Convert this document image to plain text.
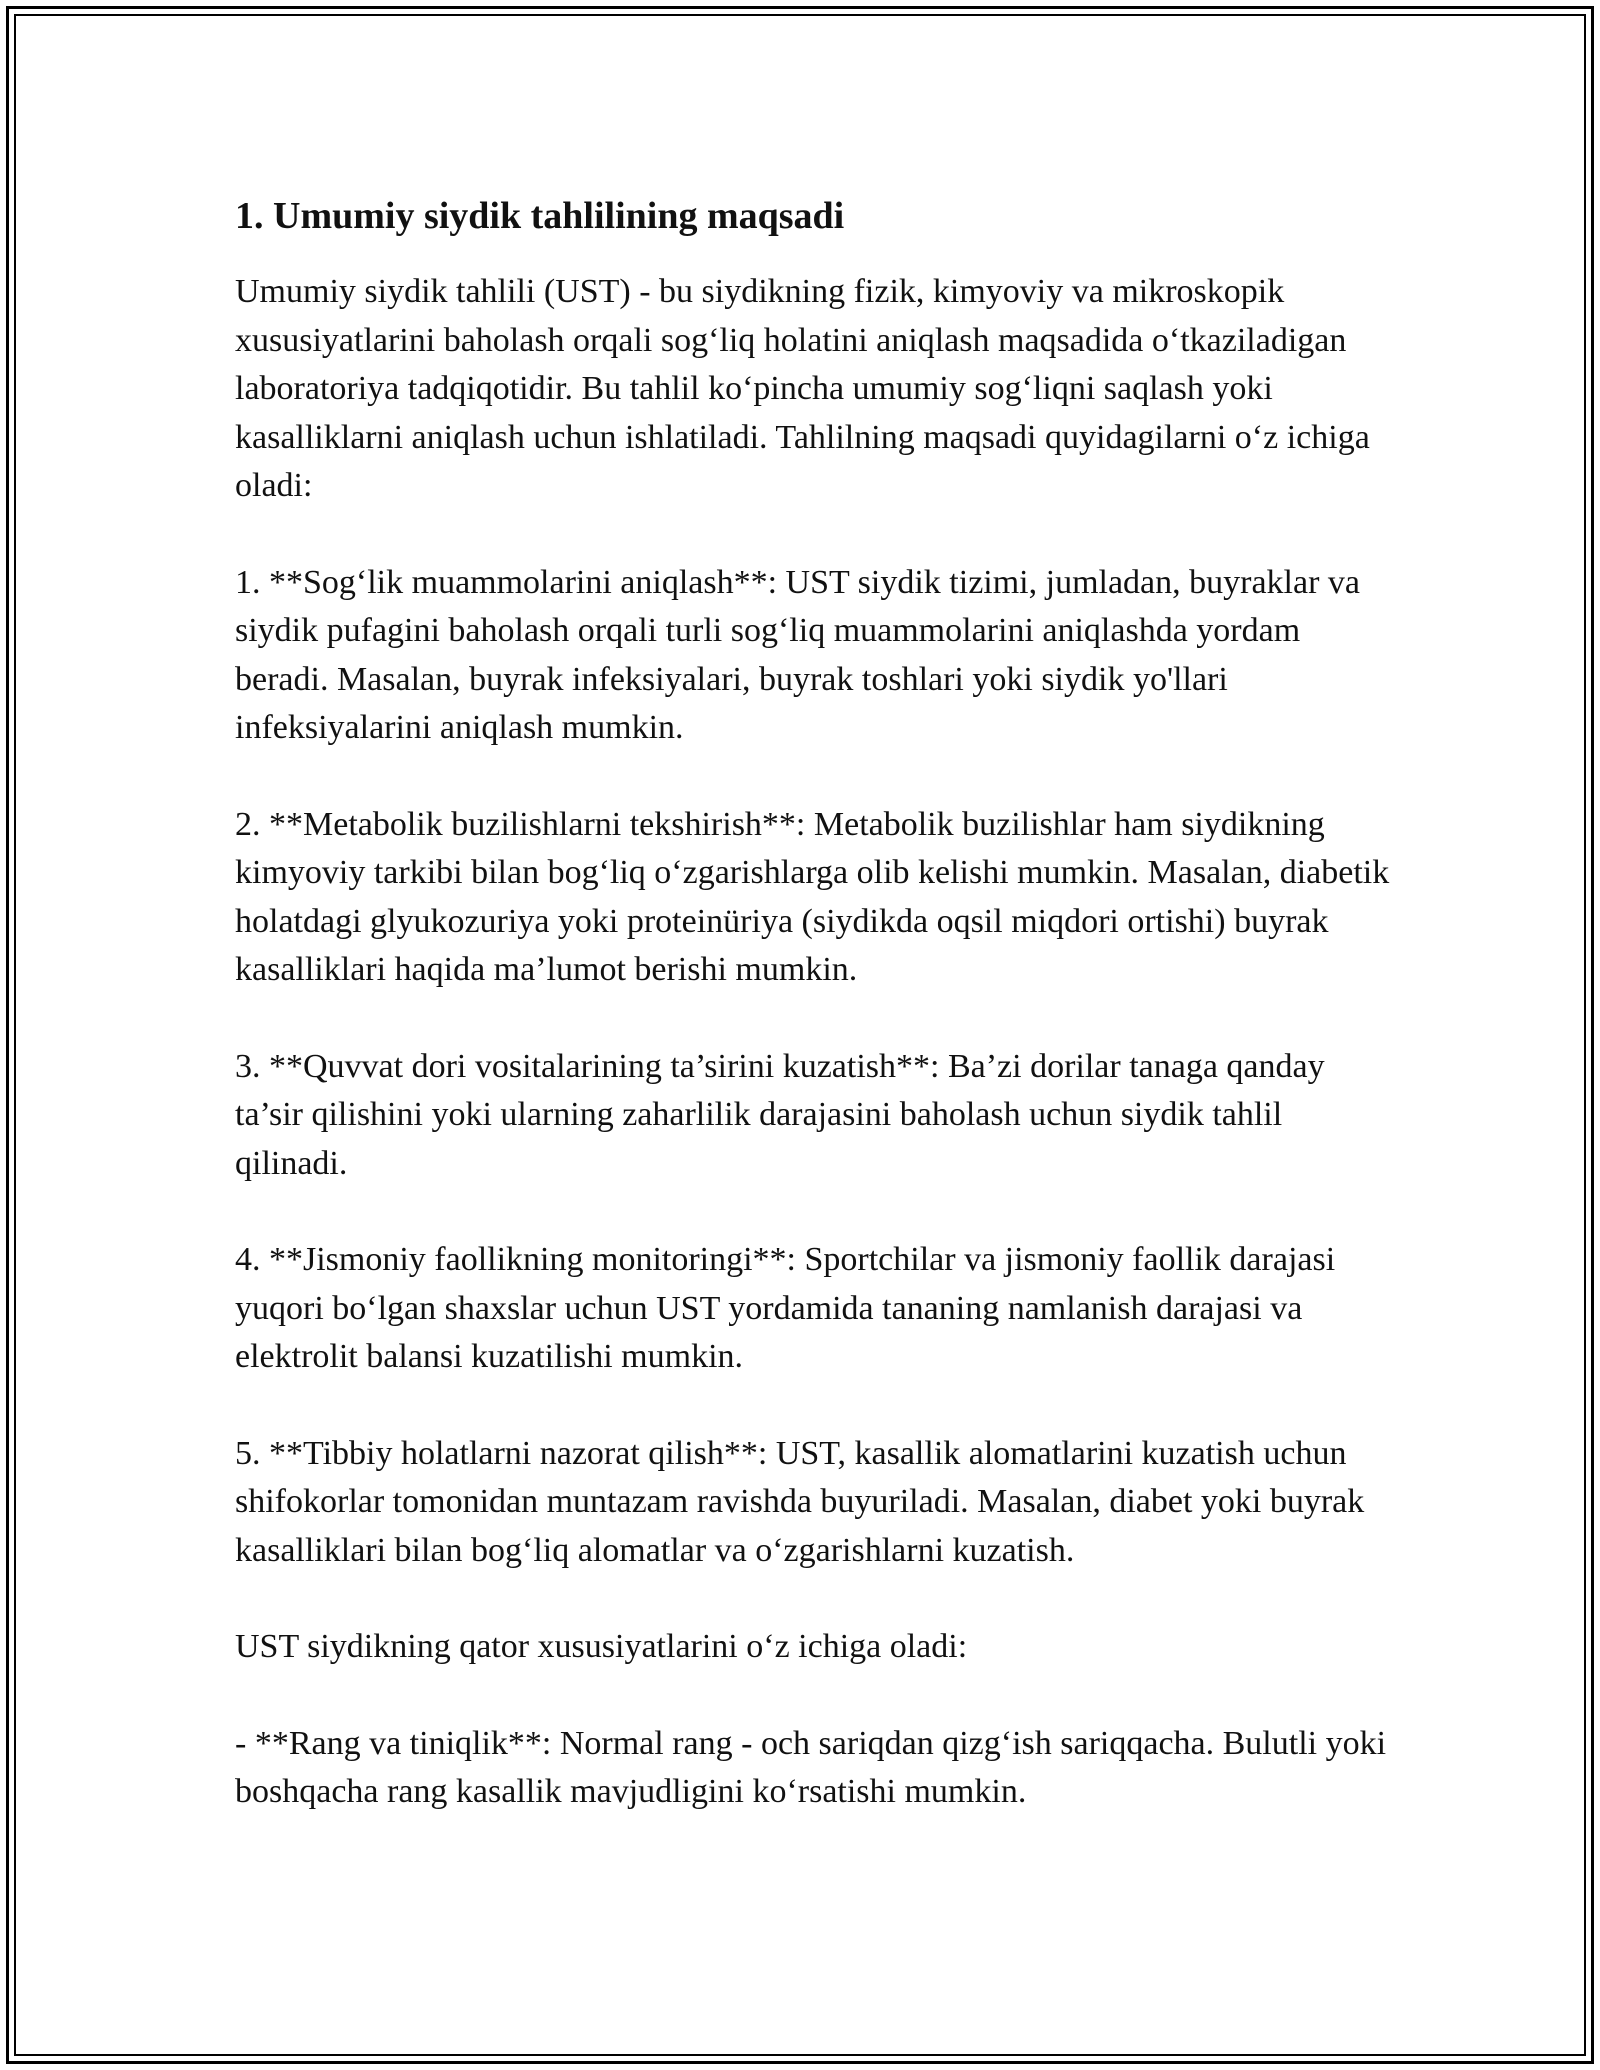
1. Umumiy siydik tahlilining maqsadi

Umumiy siydik tahlili (UST) - bu siydikning fizik, kimyoviy va mikroskopik xususiyatlarini baholash orqali sog‘liq holatini aniqlash maqsadida o‘tkaziladigan laboratoriya tadqiqotidir. Bu tahlil ko‘pincha umumiy sog‘liqni saqlash yoki kasalliklarni aniqlash uchun ishlatiladi. Tahlilning maqsadi quyidagilarni o‘z ichiga oladi:

1. **Sog‘lik muammolarini aniqlash**: UST siydik tizimi, jumladan, buyraklar va siydik pufagini baholash orqali turli sog‘liq muammolarini aniqlashda yordam beradi. Masalan, buyrak infeksiyalari, buyrak toshlari yoki siydik yo'llari infeksiyalarini aniqlash mumkin.

2. **Metabolik buzilishlarni tekshirish**: Metabolik buzilishlar ham siydikning kimyoviy tarkibi bilan bog‘liq o‘zgarishlarga olib kelishi mumkin. Masalan, diabetik holatdagi glyukozuriya yoki proteinüriya (siydikda oqsil miqdori ortishi) buyrak kasalliklari haqida ma’lumot berishi mumkin.

3. **Quvvat dori vositalarining ta’sirini kuzatish**: Ba’zi dorilar tanaga qanday ta’sir qilishini yoki ularning zaharlilik darajasini baholash uchun siydik tahlil qilinadi.

4. **Jismoniy faollikning monitoringi**: Sportchilar va jismoniy faollik darajasi yuqori bo‘lgan shaxslar uchun UST yordamida tananing namlanish darajasi va elektrolit balansi kuzatilishi mumkin.

5. **Tibbiy holatlarni nazorat qilish**: UST, kasallik alomatlarini kuzatish uchun shifokorlar tomonidan muntazam ravishda buyuriladi. Masalan, diabet yoki buyrak kasalliklari bilan bog‘liq alomatlar va o‘zgarishlarni kuzatish.

UST siydikning qator xususiyatlarini o‘z ichiga oladi:

- **Rang va tiniqlik**: Normal rang - och sariqdan qizg‘ish sariqqacha. Bulutli yoki boshqacha rang kasallik mavjudligini ko‘rsatishi mumkin.
